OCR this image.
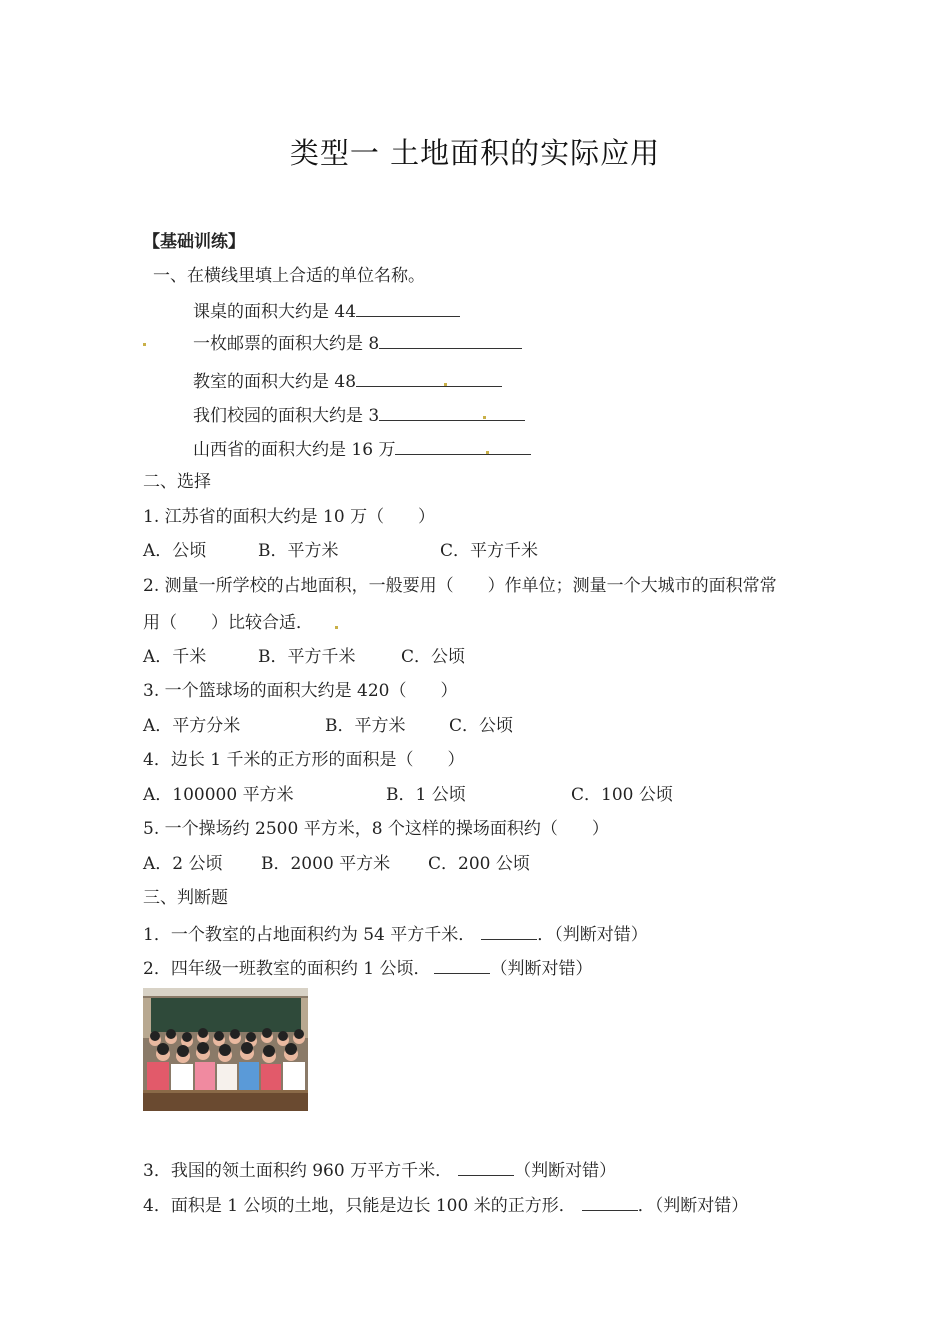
类型一 土地面积的实际应用
【基础训练】
一、在横线里填上合适的单位名称。
课桌的面积大约是 44
一枚邮票的面积大约是 8
教室的面积大约是 48
我们校园的面积大约是 3
山西省的面积大约是 16 万
二、选择
1. 江苏省的面积大约是 10 万（　　）
A．公顷	B．平方米	C．平方千米
2. 测量一所学校的占地面积，一般要用（　　）作单位；测量一个大城市的面积常常
用（　　）比较合适．
A．千米	B．平方千米	C．公顷
3. 一个篮球场的面积大约是 420（　　）
A．平方分米	B．平方米	C．公顷
4．边长 1 千米的正方形的面积是（　　）
A．100000 平方米	B．1 公顷	C．100 公顷
5. 一个操场约 2500 平方米，8 个这样的操场面积约（　　）
A．2 公顷 B．2000 平方米 C．200 公顷
三、判断题
1．一个教室的占地面积约为 54 平方千米．	．（判断对错）
2．四年级一班教室的面积约 1 公顷．	（判断对错）
3．我国的领土面积约 960 万平方千米．	（判断对错）
4．面积是 1 公顷的土地，只能是边长 100 米的正方形．	．（判断对错）
